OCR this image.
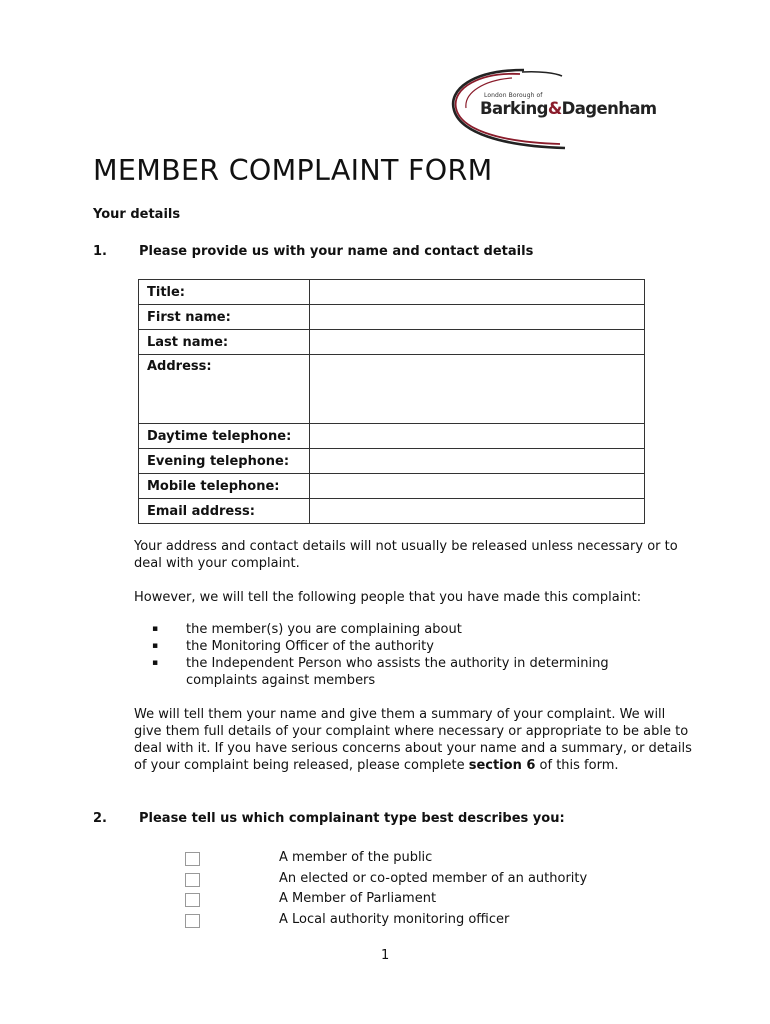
London Borough of
Barking&Dagenham
MEMBER COMPLAINT FORM
Your details
1. Please provide us with your name and contact details
Title:	
First name:	
Last name:	
Address:	
Daytime telephone:	
Evening telephone:	
Mobile telephone:	
Email address:	
Your address and contact details will not usually be released unless necessary or to deal with your complaint.
However, we will tell the following people that you have made this complaint:
▪ the member(s) you are complaining about
▪ the Monitoring Officer of the authority
▪ the Independent Person who assists the authority in determining complaints against members
We will tell them your name and give them a summary of your complaint. We will give them full details of your complaint where necessary or appropriate to be able to deal with it. If you have serious concerns about your name and a summary, or details of your complaint being released, please complete section 6 of this form.
2. Please tell us which complainant type best describes you:
A member of the public
An elected or co-opted member of an authority
A Member of Parliament
A Local authority monitoring officer
1
